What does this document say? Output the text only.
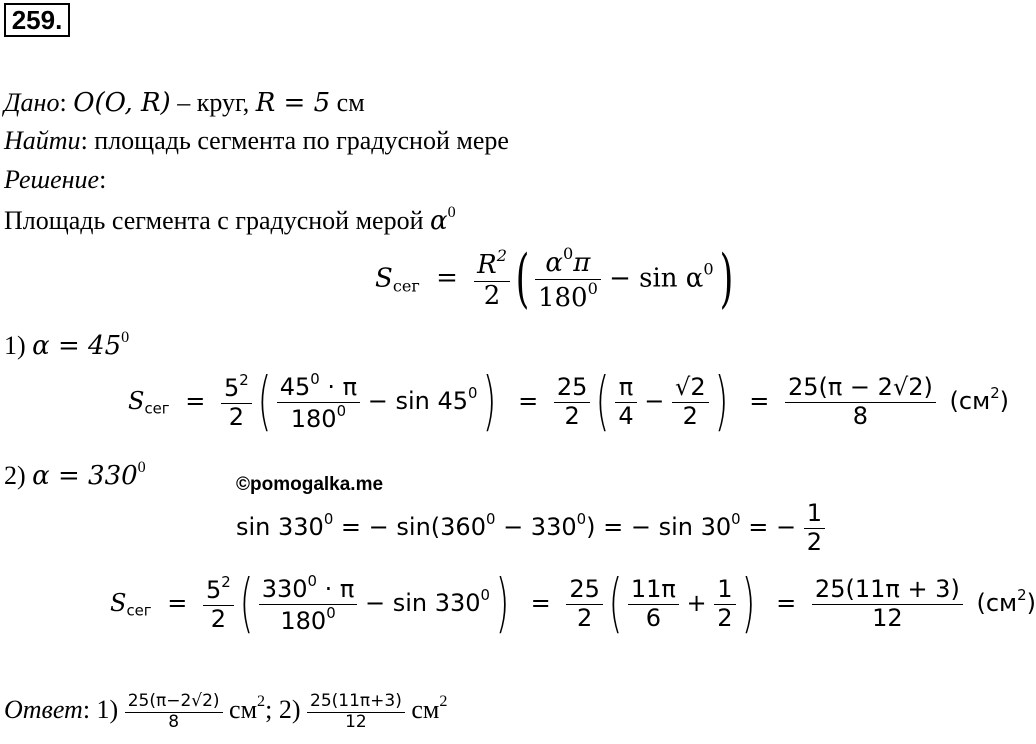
259.
Дано: O(O, R) – круг, R = 5 см
Найти: площадь сегмента по градусной мере
Решение:
Площадь сегмента с градусной мерой $\alpha^0$
$S_{сег} = \frac{R^2}{2}$ ( $\frac{\alpha^0\pi}{180^0} - \sin \alpha^0$)
1) $\alpha = 45^0$
$S_{сег} = \frac{5^2}{2}$ ( $\frac{45^0 \cdot \pi}{180^0} - \sin 45^0) = \frac{25}{2}$ ( $\frac{\pi}{4} - \frac{√2}{2}$ ) = $\frac{25(\pi - 2√2)}{8} (см^2)$
2) $\alpha = 330^0$
©pomogalka.me
$\sin 330^0$ = − $\sin(360^0 - 330^0)$ = − $\sin 30^0$ = − $\frac{1}{2}$
$S_{сег} = \frac{5^2}{2}$ ( $\frac{330^0 \cdot \pi}{180^0} - \sin 330^0) = \frac{25}{2}$ ( $\frac{11\pi}{6} + \frac{1}{2}$ ) = $\frac{25(11\pi + 3)}{12} (см^2)$
Ответ: $1) \frac{25(\pi-2√2)}{8} см^2$; $2) \frac{25(11\pi+3)}{12} см^2$
